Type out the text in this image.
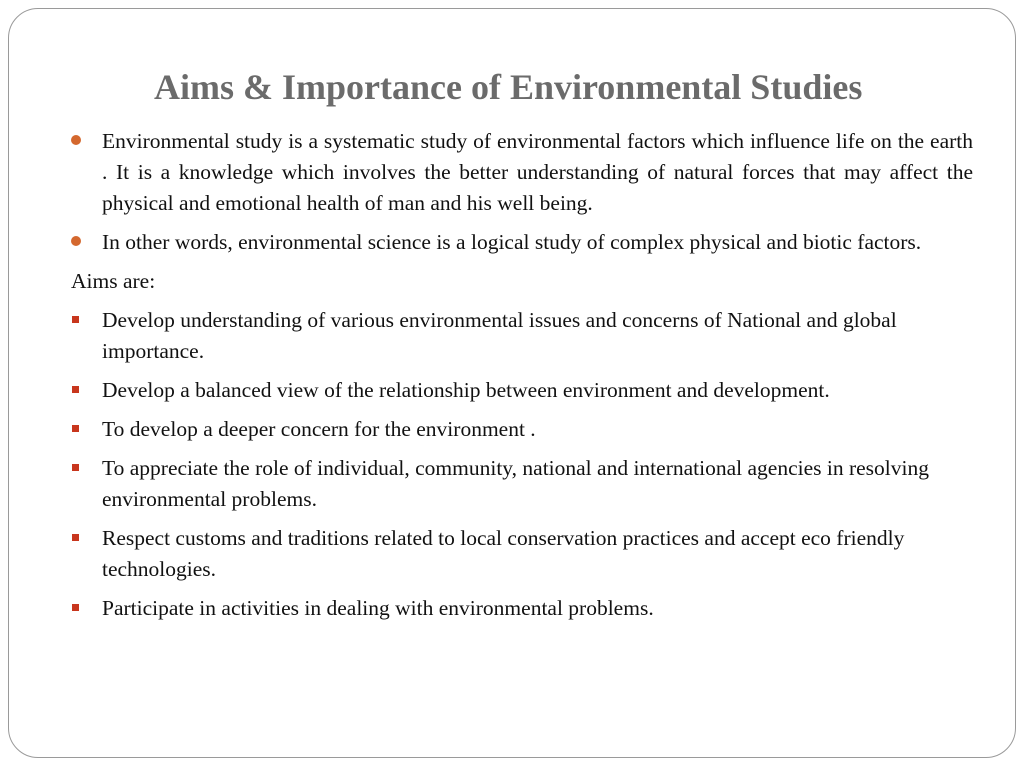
Aims & Importance of Environmental Studies
Environmental study is a systematic study of environmental factors which influence life on the earth . It is a knowledge which involves the better understanding of natural forces that may affect the physical and emotional health of man and his well being.
In other words, environmental science is a logical study of complex physical and biotic factors.
Aims are:
Develop understanding of various environmental issues and concerns of National and global importance.
Develop a balanced view of the relationship between environment and development.
To develop a deeper concern for the environment .
To appreciate the role of individual, community, national and international agencies in resolving environmental problems.
Respect customs and traditions related to local conservation practices and accept eco friendly technologies.
Participate in activities in dealing with environmental problems.
